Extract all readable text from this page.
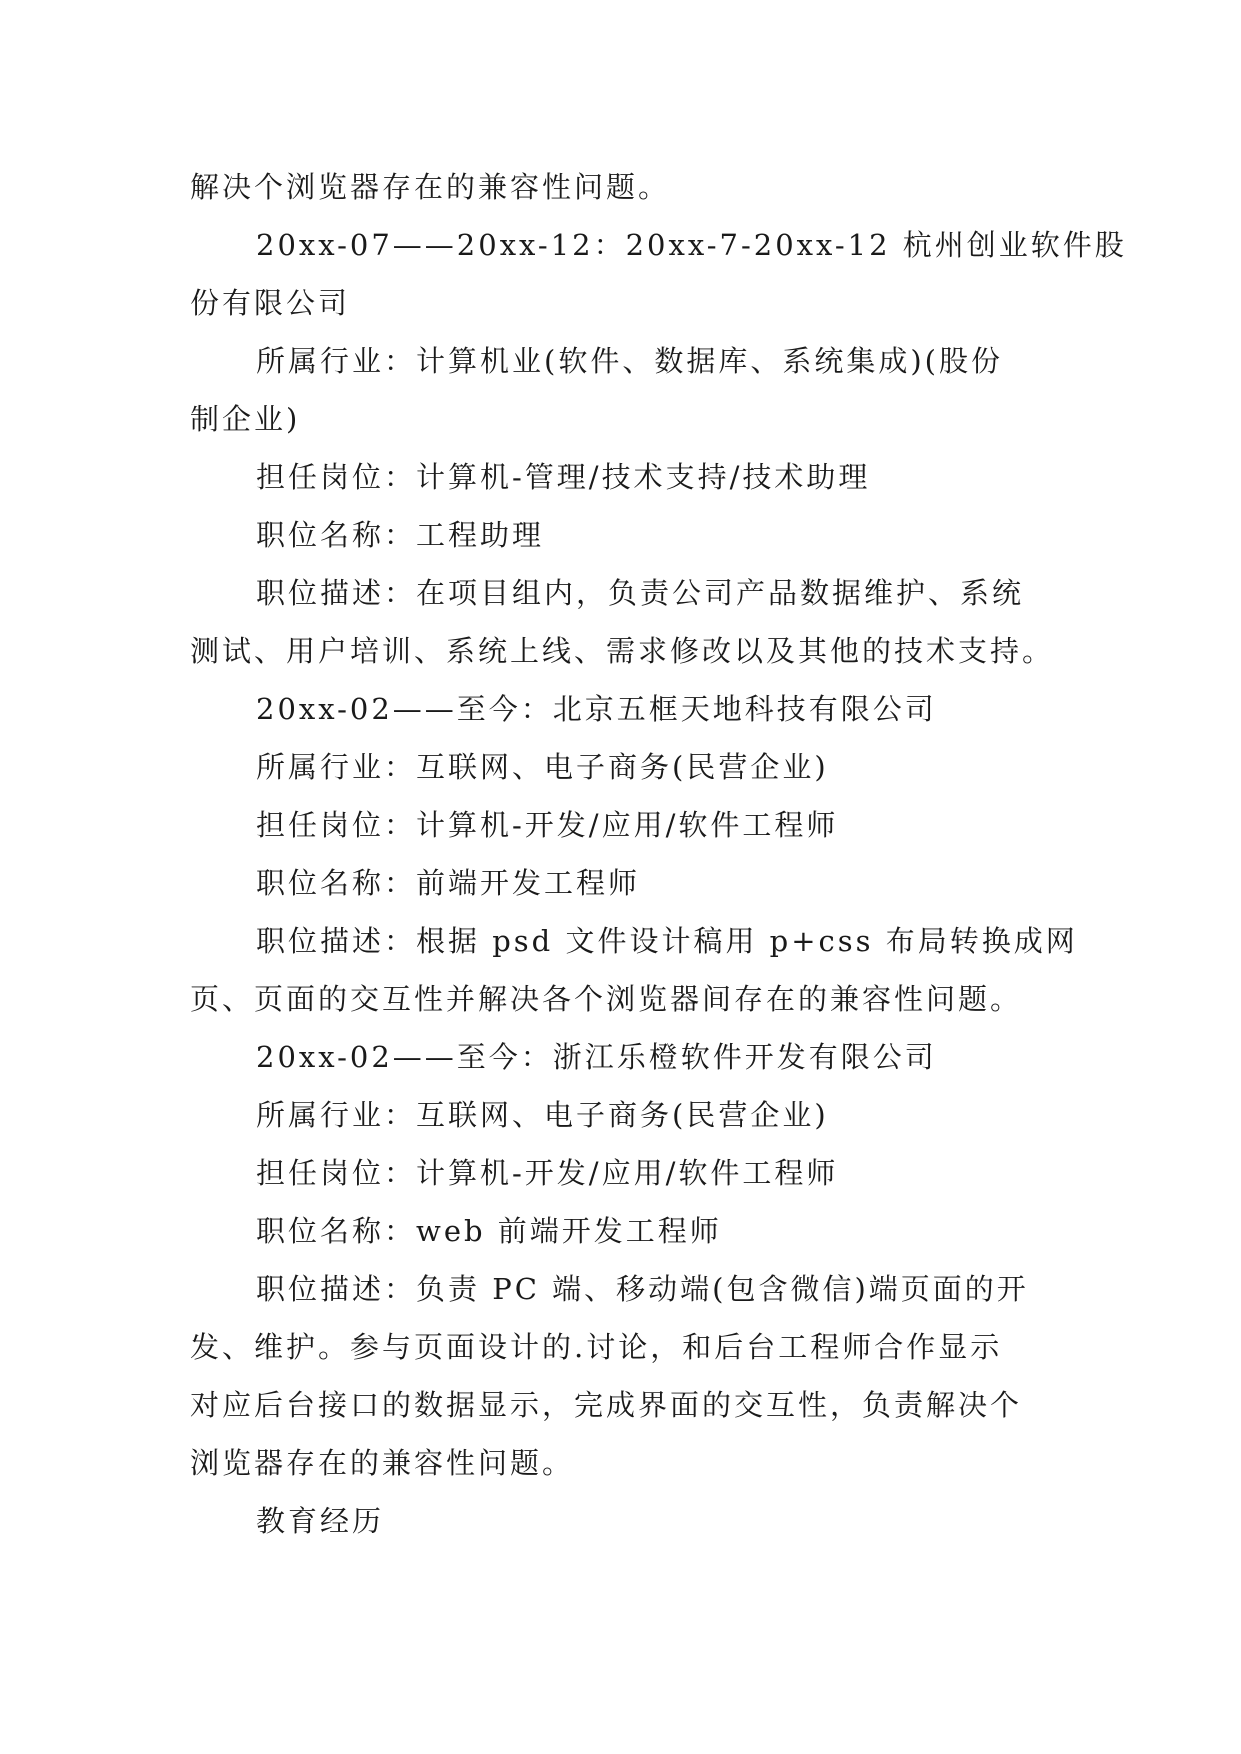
解决个浏览器存在的兼容性问题。

20xx-07——20xx-12：20xx-7-20xx-12 杭州创业软件股

份有限公司

所属行业：计算机业(软件、数据库、系统集成)(股份

制企业)

担任岗位：计算机-管理/技术支持/技术助理

职位名称：工程助理

职位描述：在项目组内，负责公司产品数据维护、系统

测试、用户培训、系统上线、需求修改以及其他的技术支持。

20xx-02——至今：北京五框天地科技有限公司

所属行业：互联网、电子商务(民营企业)

担任岗位：计算机-开发/应用/软件工程师

职位名称：前端开发工程师

职位描述：根据 psd 文件设计稿用 p+css 布局转换成网

页、页面的交互性并解决各个浏览器间存在的兼容性问题。

20xx-02——至今：浙江乐橙软件开发有限公司

所属行业：互联网、电子商务(民营企业)

担任岗位：计算机-开发/应用/软件工程师

职位名称：web 前端开发工程师

职位描述：负责 PC 端、移动端(包含微信)端页面的开

发、维护。参与页面设计的.讨论，和后台工程师合作显示

对应后台接口的数据显示，完成界面的交互性，负责解决个

浏览器存在的兼容性问题。

教育经历
